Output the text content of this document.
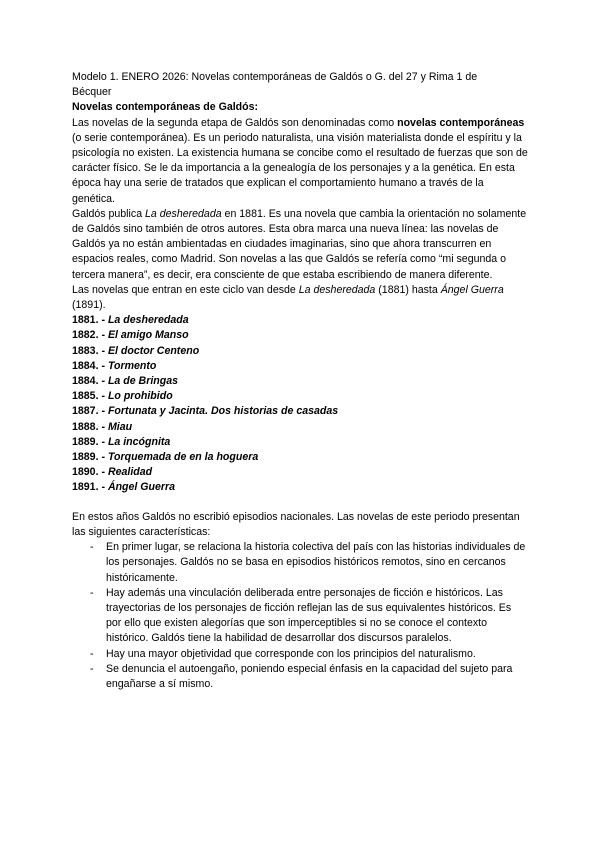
Modelo 1. ENERO 2026: Novelas contemporáneas de Galdós o G. del 27 y Rima 1 de
Bécquer

Novelas contemporáneas de Galdós:

Las novelas de la segunda etapa de Galdós son denominadas como novelas contemporáneas (o serie contemporánea). Es un periodo naturalista, una visión materialista donde el espíritu y la psicología no existen. La existencia humana se concibe como el resultado de fuerzas que son de carácter físico. Se le da importancia a la genealogía de los personajes y a la genética. En esta época hay una serie de tratados que explican el comportamiento humano a través de la genética.

Galdós publica La desheredada en 1881. Es una novela que cambia la orientación no solamente de Galdós sino también de otros autores. Esta obra marca una nueva línea: las novelas de Galdós ya no están ambientadas en ciudades imaginarias, sino que ahora transcurren en espacios reales, como Madrid. Son novelas a las que Galdós se refería como “mi segunda o tercera manera”, es decir, era consciente de que estaba escribiendo de manera diferente.

Las novelas que entran en este ciclo van desde La desheredada (1881) hasta Ángel Guerra (1891).

1881. - La desheredada
1882. - El amigo Manso
1883. - El doctor Centeno
1884. - Tormento
1884. - La de Bringas
1885. - Lo prohibido
1887. - Fortunata y Jacinta. Dos historias de casadas
1888. - Miau
1889. - La incógnita
1889. - Torquemada de en la hoguera
1890. - Realidad
1891. - Ángel Guerra

En estos años Galdós no escribió episodios nacionales. Las novelas de este periodo presentan las siguientes características:

- En primer lugar, se relaciona la historia colectiva del país con las historias individuales de los personajes. Galdós no se basa en episodios históricos remotos, sino en cercanos históricamente.
- Hay además una vinculación deliberada entre personajes de ficción e históricos. Las trayectorias de los personajes de ficción reflejan las de sus equivalentes históricos. Es por ello que existen alegorías que son imperceptibles si no se conoce el contexto histórico. Galdós tiene la habilidad de desarrollar dos discursos paralelos.
- Hay una mayor objetividad que corresponde con los principios del naturalismo.
- Se denuncia el autoengaño, poniendo especial énfasis en la capacidad del sujeto para engañarse a sí mismo.
